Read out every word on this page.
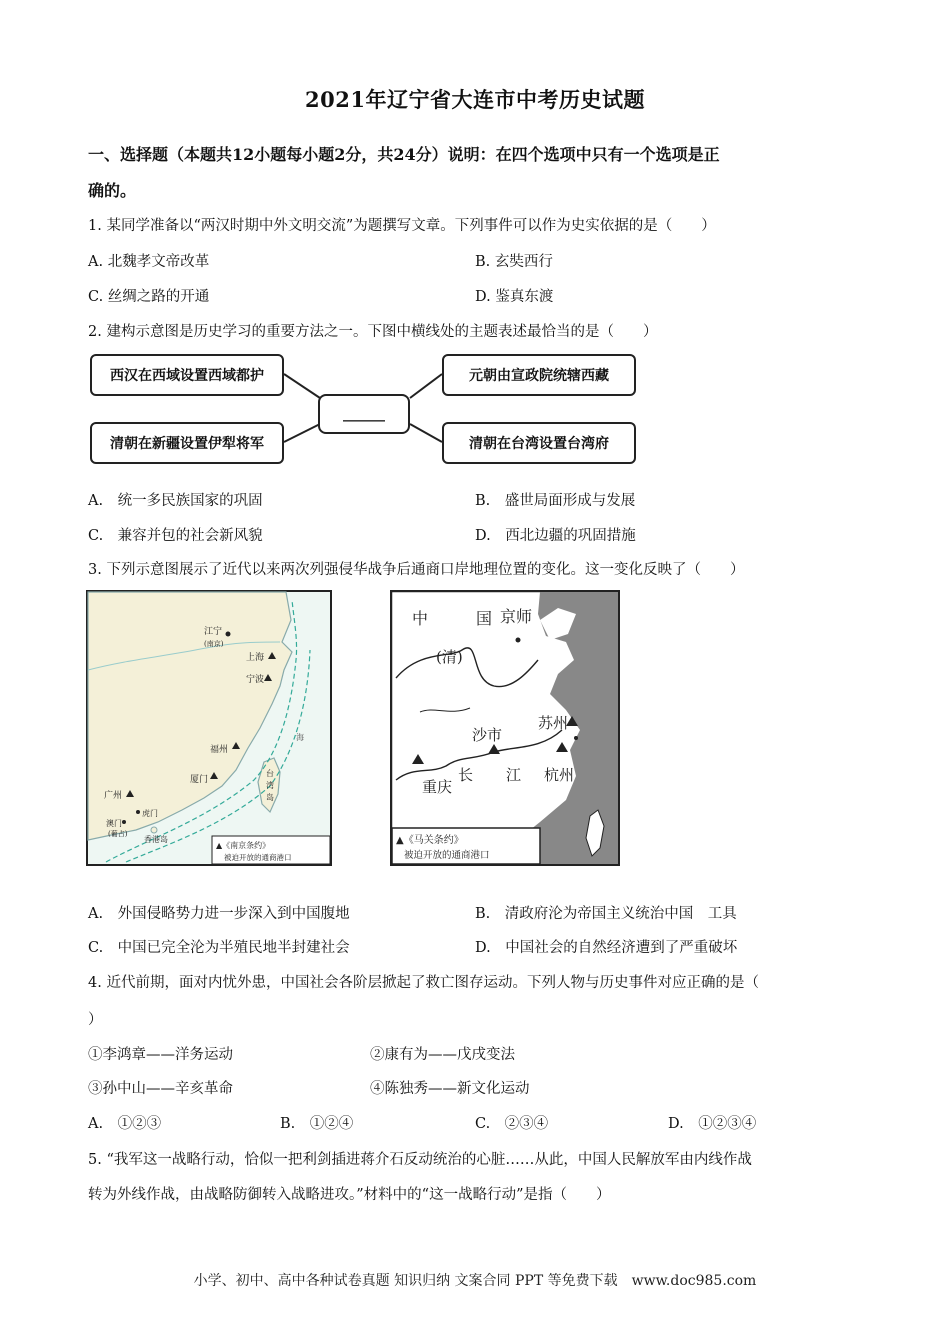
2021年辽宁省大连市中考历史试题
一、选择题（本题共12小题每小题2分，共24分）说明：在四个选项中只有一个选项是正
确的。
1. 某同学准备以“两汉时期中外文明交流”为题撰写文章。下列事件可以作为史实依据的是（　　）
A. 北魏孝文帝改革	B. 玄奘西行
C. 丝绸之路的开通	D. 鉴真东渡
2. 建构示意图是历史学习的重要方法之一。下图中横线处的主题表述最恰当的是（　　）
西汉在西域设置西域都护	元朝由宣政院统辖西藏
清朝在新疆设置伊犁将军	清朝在台湾设置台湾府
______
A.　统一多民族国家的巩固	B.　盛世局面形成与发展
C.　兼容并包的社会新风貌	D.　西北边疆的巩固措施
3. 下列示意图展示了近代以来两次列强侵华战争后通商口岸地理位置的变化。这一变化反映了（　　）
江宁
(南京)
上海
宁波
福州
厦门
广州
虎门
澳门
(葡占)
香港岛
台
湾
岛
海
▲《南京条约》
被迫开放的通商港口
中	国 京师
(清)
沙市
苏州
长 江 杭州
重庆
▲《马关条约》
被迫开放的通商港口
A.　外国侵略势力进一步深入到中国腹地	B.　清政府沦为帝国主义统治中国　工具
C.　中国已完全沦为半殖民地半封建社会	D.　中国社会的自然经济遭到了严重破坏
4. 近代前期，面对内忧外患，中国社会各阶层掀起了救亡图存运动。下列人物与历史事件对应正确的是（
）
①李鸿章——洋务运动	②康有为——戊戌变法
③孙中山——辛亥革命	④陈独秀——新文化运动
A.　①②③	B.　①②④	C.　②③④	D.　①②③④
5. “我军这一战略行动，恰似一把利剑插进蒋介石反动统治的心脏……从此，中国人民解放军由内线作战
转为外线作战，由战略防御转入战略进攻。”材料中的“这一战略行动”是指（　　）
小学、初中、高中各种试卷真题 知识归纳 文案合同 PPT 等免费下载　www.doc985.com
